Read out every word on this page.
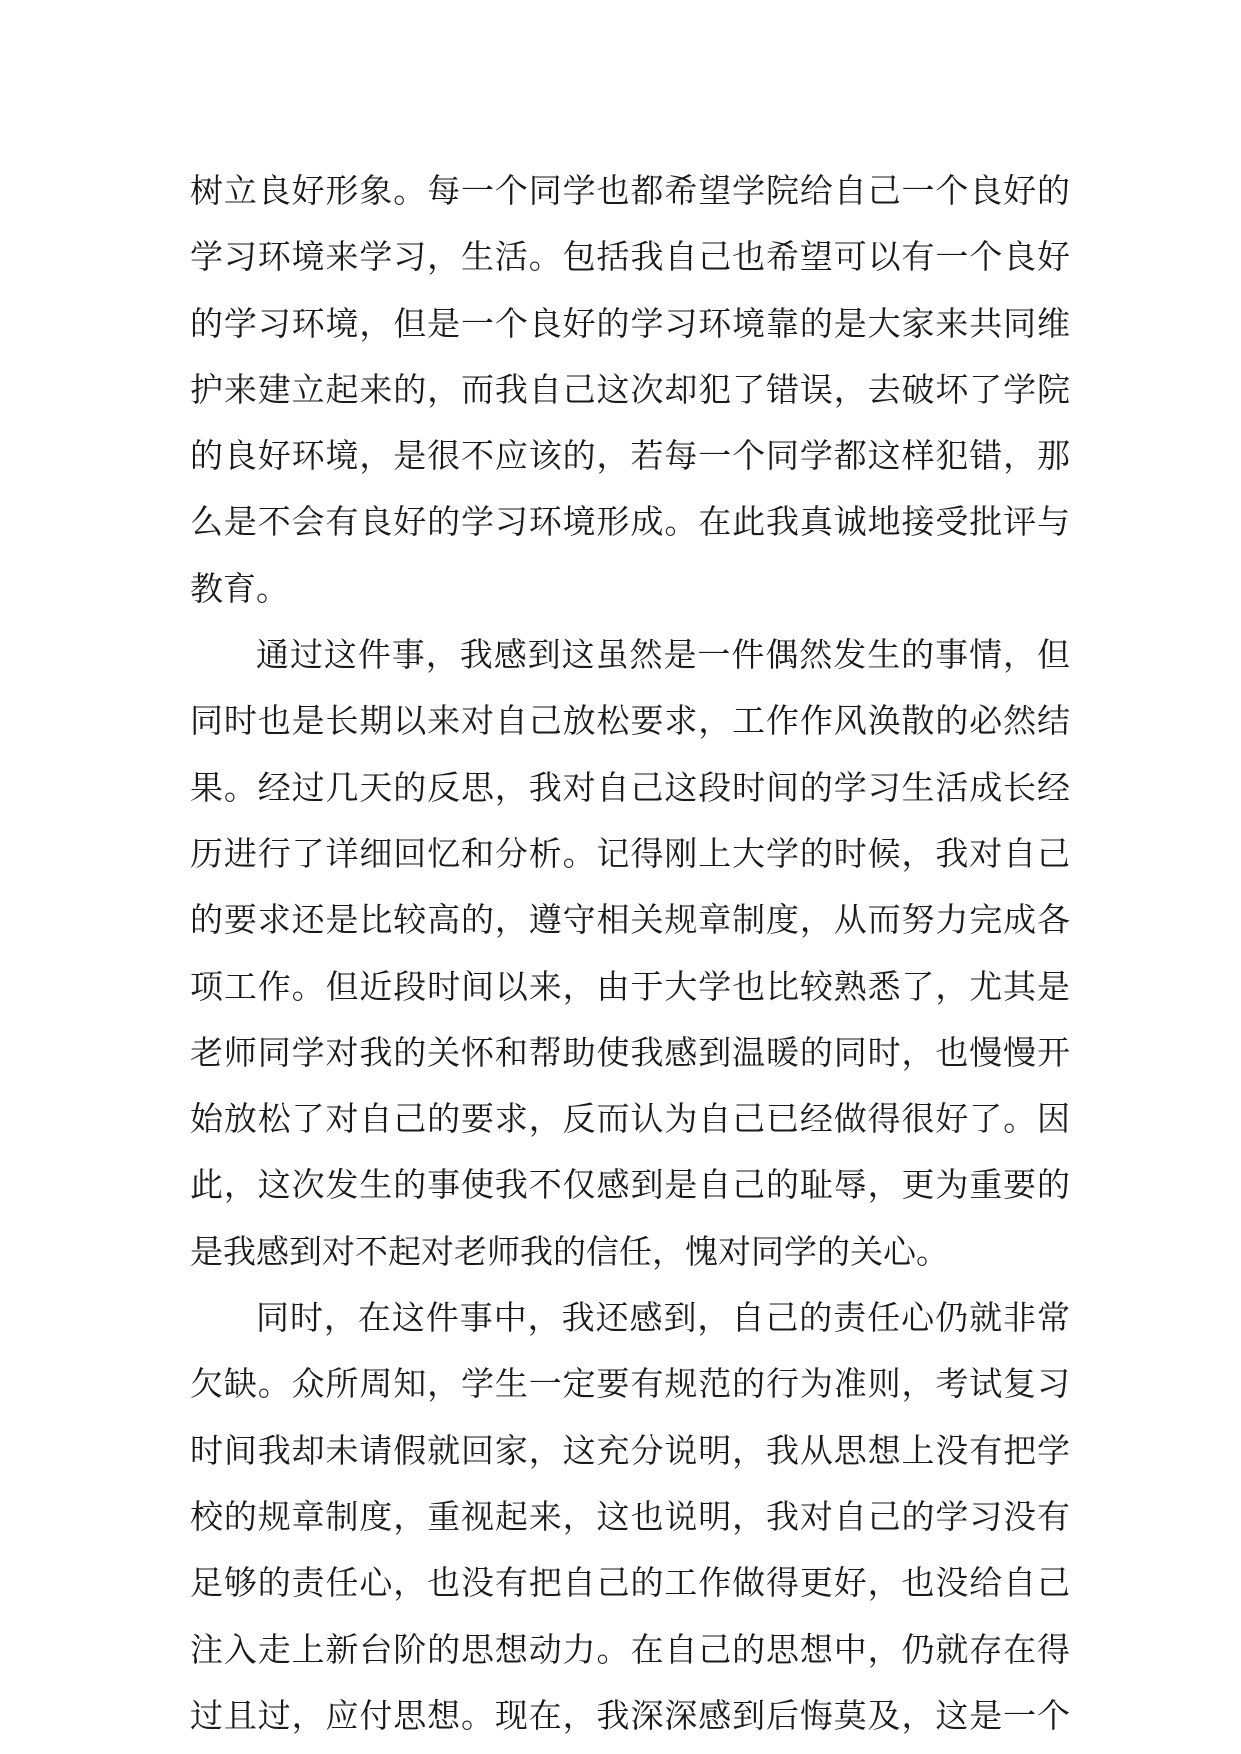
树立良好形象。每一个同学也都希望学院给自己一个良好的
学习环境来学习，生活。包括我自己也希望可以有一个良好
的学习环境，但是一个良好的学习环境靠的是大家来共同维
护来建立起来的，而我自己这次却犯了错误，去破坏了学院
的良好环境，是很不应该的，若每一个同学都这样犯错，那
么是不会有良好的学习环境形成。在此我真诚地接受批评与
教育。
通过这件事，我感到这虽然是一件偶然发生的事情，但
同时也是长期以来对自己放松要求，工作作风涣散的必然结
果。经过几天的反思，我对自己这段时间的学习生活成长经
历进行了详细回忆和分析。记得刚上大学的时候，我对自己
的要求还是比较高的，遵守相关规章制度，从而努力完成各
项工作。但近段时间以来，由于大学也比较熟悉了，尤其是
老师同学对我的关怀和帮助使我感到温暖的同时，也慢慢开
始放松了对自己的要求，反而认为自己已经做得很好了。因
此，这次发生的事使我不仅感到是自己的耻辱，更为重要的
是我感到对不起对老师我的信任，愧对同学的关心。
同时，在这件事中，我还感到，自己的责任心仍就非常
欠缺。众所周知，学生一定要有规范的行为准则，考试复习
时间我却未请假就回家，这充分说明，我从思想上没有把学
校的规章制度，重视起来，这也说明，我对自己的学习没有
足够的责任心，也没有把自己的工作做得更好，也没给自己
注入走上新台阶的思想动力。在自己的思想中，仍就存在得
过且过，应付思想。现在，我深深感到后悔莫及，这是一个
